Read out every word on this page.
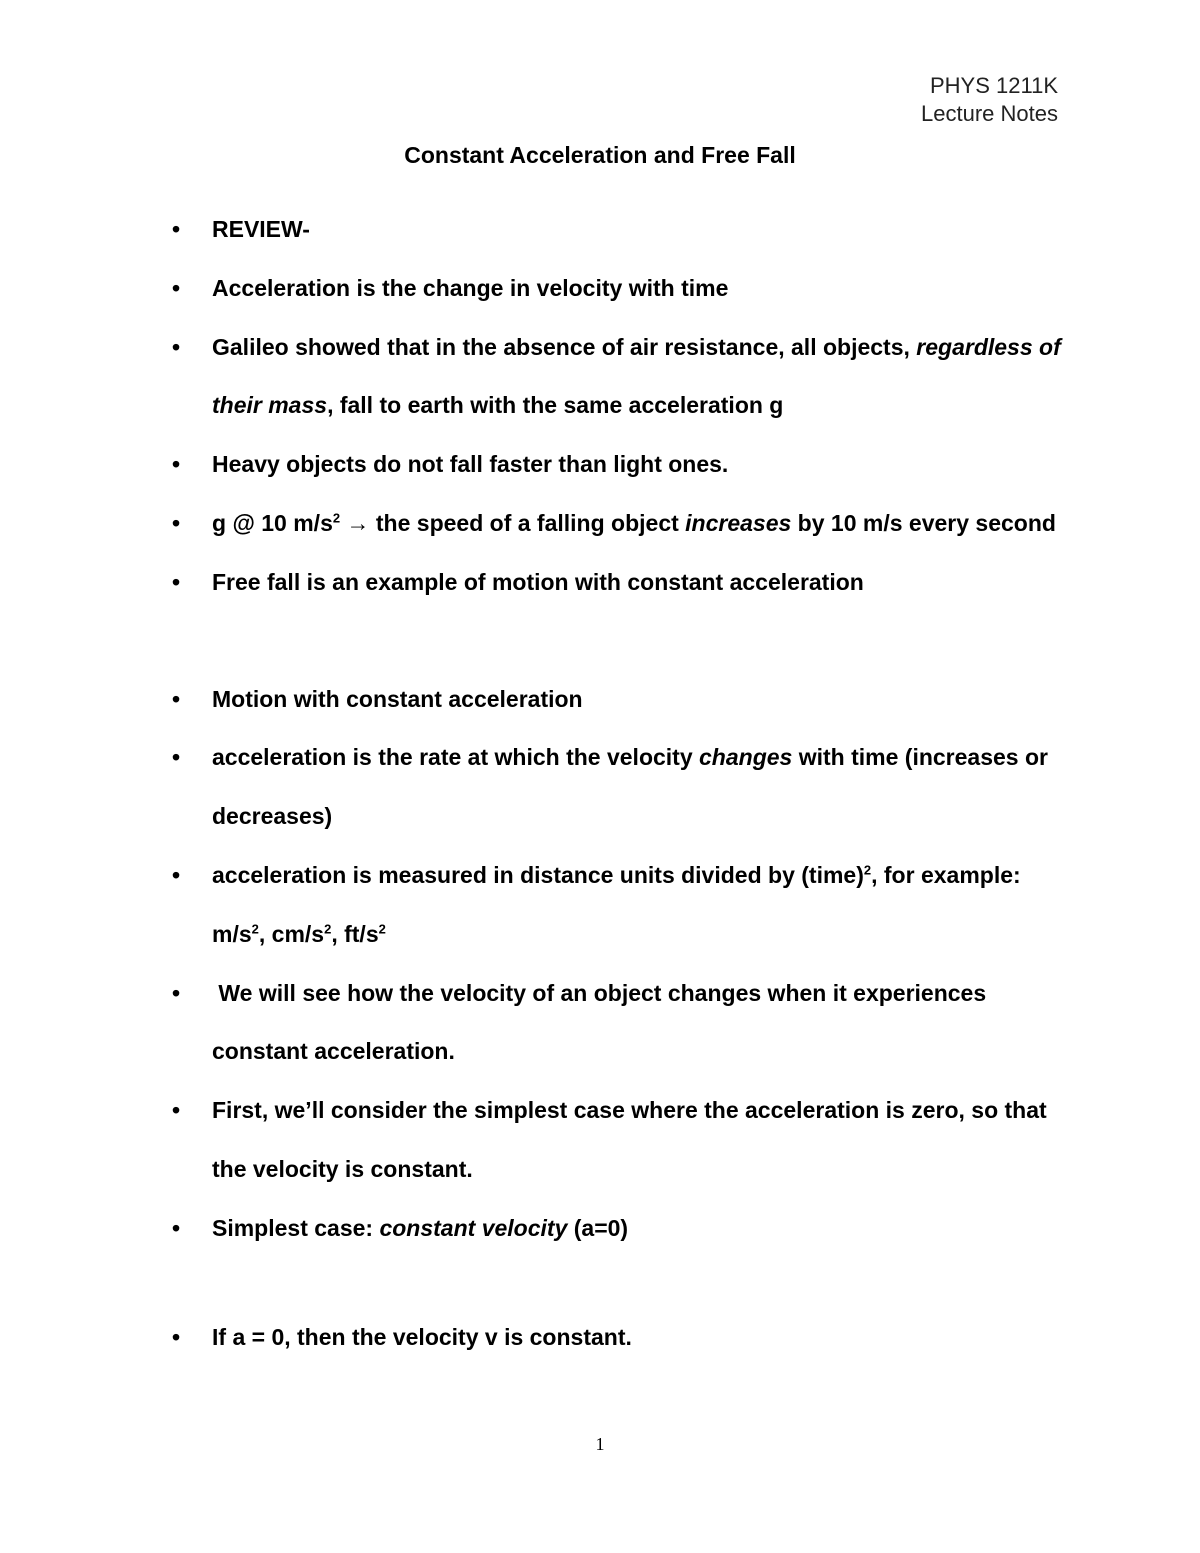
PHYS 1211K
Lecture Notes
Constant Acceleration and Free Fall
• REVIEW-
• Acceleration is the change in velocity with time
• Galileo showed that in the absence of air resistance, all objects, regardless of their mass, fall to earth with the same acceleration g
• Heavy objects do not fall faster than light ones.
• g @ 10 $m/s^2$ → the speed of a falling object increases by 10 m/s every second
• Free fall is an example of motion with constant acceleration
• Motion with constant acceleration
• acceleration is the rate at which the velocity changes with time (increases or decreases)
• acceleration is measured in distance units divided by (time)$^2$, for example: $m/s^2$, $cm/s^2$, $ft/s^2$
•  We will see how the velocity of an object changes when it experiences constant acceleration.
• First, we’ll consider the simplest case where the acceleration is zero, so that the velocity is constant.
• Simplest case: constant velocity (a=0)
• If a = 0, then the velocity v is constant.
1
